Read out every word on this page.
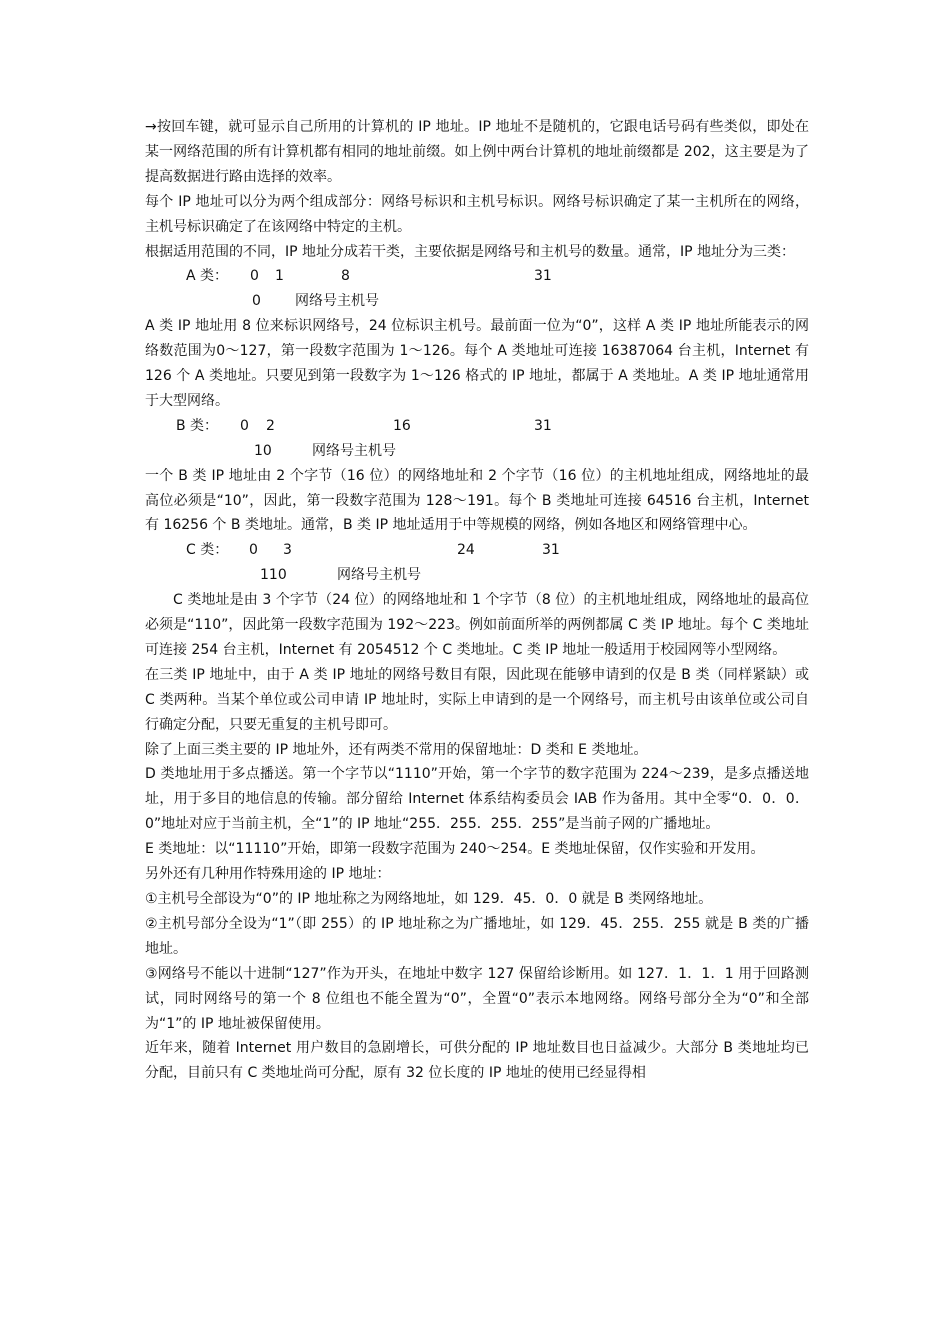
→按回车键，就可显示自己所用的计算机的 IP 地址。IP 地址不是随机的，它跟电话号码有些类似，即处在某一网络范围的所有计算机都有相同的地址前缀。如上例中两台计算机的地址前缀都是 202，这主要是为了提高数据进行路由选择的效率。

每个 IP 地址可以分为两个组成部分：网络号标识和主机号标识。网络号标识确定了某一主机所在的网络，主机号标识确定了在该网络中特定的主机。

根据适用范围的不同，IP 地址分成若干类，主要依据是网络号和主机号的数量。通常，IP 地址分为三类：

A 类： 0 1	8	31
0 网络号主机号

A 类 IP 地址用 8 位来标识网络号，24 位标识主机号。最前面一位为“0”，这样 A 类 IP 地址所能表示的网络数范围为0～127，第一段数字范围为 1～126。每个 A 类地址可连接 16387064 台主机，Internet 有 126 个 A 类地址。只要见到第一段数字为 1～126 格式的 IP 地址，都属于 A 类地址。A 类 IP 地址通常用于大型网络。

B 类： 0 2	16	31
10	网络号主机号

一个 B 类 IP 地址由 2 个字节（16 位）的网络地址和 2 个字节（16 位）的主机地址组成，网络地址的最高位必须是“10”，因此，第一段数字范围为 128～191。每个 B 类地址可连接 64516 台主机，Internet 有 16256 个 B 类地址。通常，B 类 IP 地址适用于中等规模的网络，例如各地区和网络管理中心。

C 类： 0 3	24	31
110	网络号主机号

C 类地址是由 3 个字节（24 位）的网络地址和 1 个字节（8 位）的主机地址组成，网络地址的最高位必须是“110”，因此第一段数字范围为 192～223。例如前面所举的两例都属 C 类 IP 地址。每个 C 类地址可连接 254 台主机，Internet 有 2054512 个 C 类地址。C 类 IP 地址一般适用于校园网等小型网络。

在三类 IP 地址中，由于 A 类 IP 地址的网络号数目有限，因此现在能够申请到的仅是 B 类（同样紧缺）或 C 类两种。当某个单位或公司申请 IP 地址时，实际上申请到的是一个网络号，而主机号由该单位或公司自行确定分配，只要无重复的主机号即可。

除了上面三类主要的 IP 地址外，还有两类不常用的保留地址：D 类和 E 类地址。

D 类地址用于多点播送。第一个字节以“1110”开始，第一个字节的数字范围为 224～239，是多点播送地址，用于多目的地信息的传输。部分留给 Internet 体系结构委员会 IAB 作为备用。其中全零“0．0．0．0”地址对应于当前主机，全“1”的 IP 地址“255．255．255．255”是当前子网的广播地址。

E 类地址：以“11110”开始，即第一段数字范围为 240～254。E 类地址保留，仅作实验和开发用。

另外还有几种用作特殊用途的 IP 地址：

①主机号全部设为“0”的 IP 地址称之为网络地址，如 129．45．0．0 就是 B 类网络地址。

②主机号部分全设为“1”（即 255）的 IP 地址称之为广播地址，如 129．45．255．255 就是 B 类的广播地址。

③网络号不能以十进制“127”作为开头，在地址中数字 127 保留给诊断用。如 127．1．1．1 用于回路测试，同时网络号的第一个 8 位组也不能全置为“0”，全置“0”表示本地网络。网络号部分全为“0”和全部为“1”的 IP 地址被保留使用。

近年来，随着 Internet 用户数目的急剧增长，可供分配的 IP 地址数目也日益减少。大部分 B 类地址均已分配，目前只有 C 类地址尚可分配，原有 32 位长度的 IP 地址的使用已经显得相
